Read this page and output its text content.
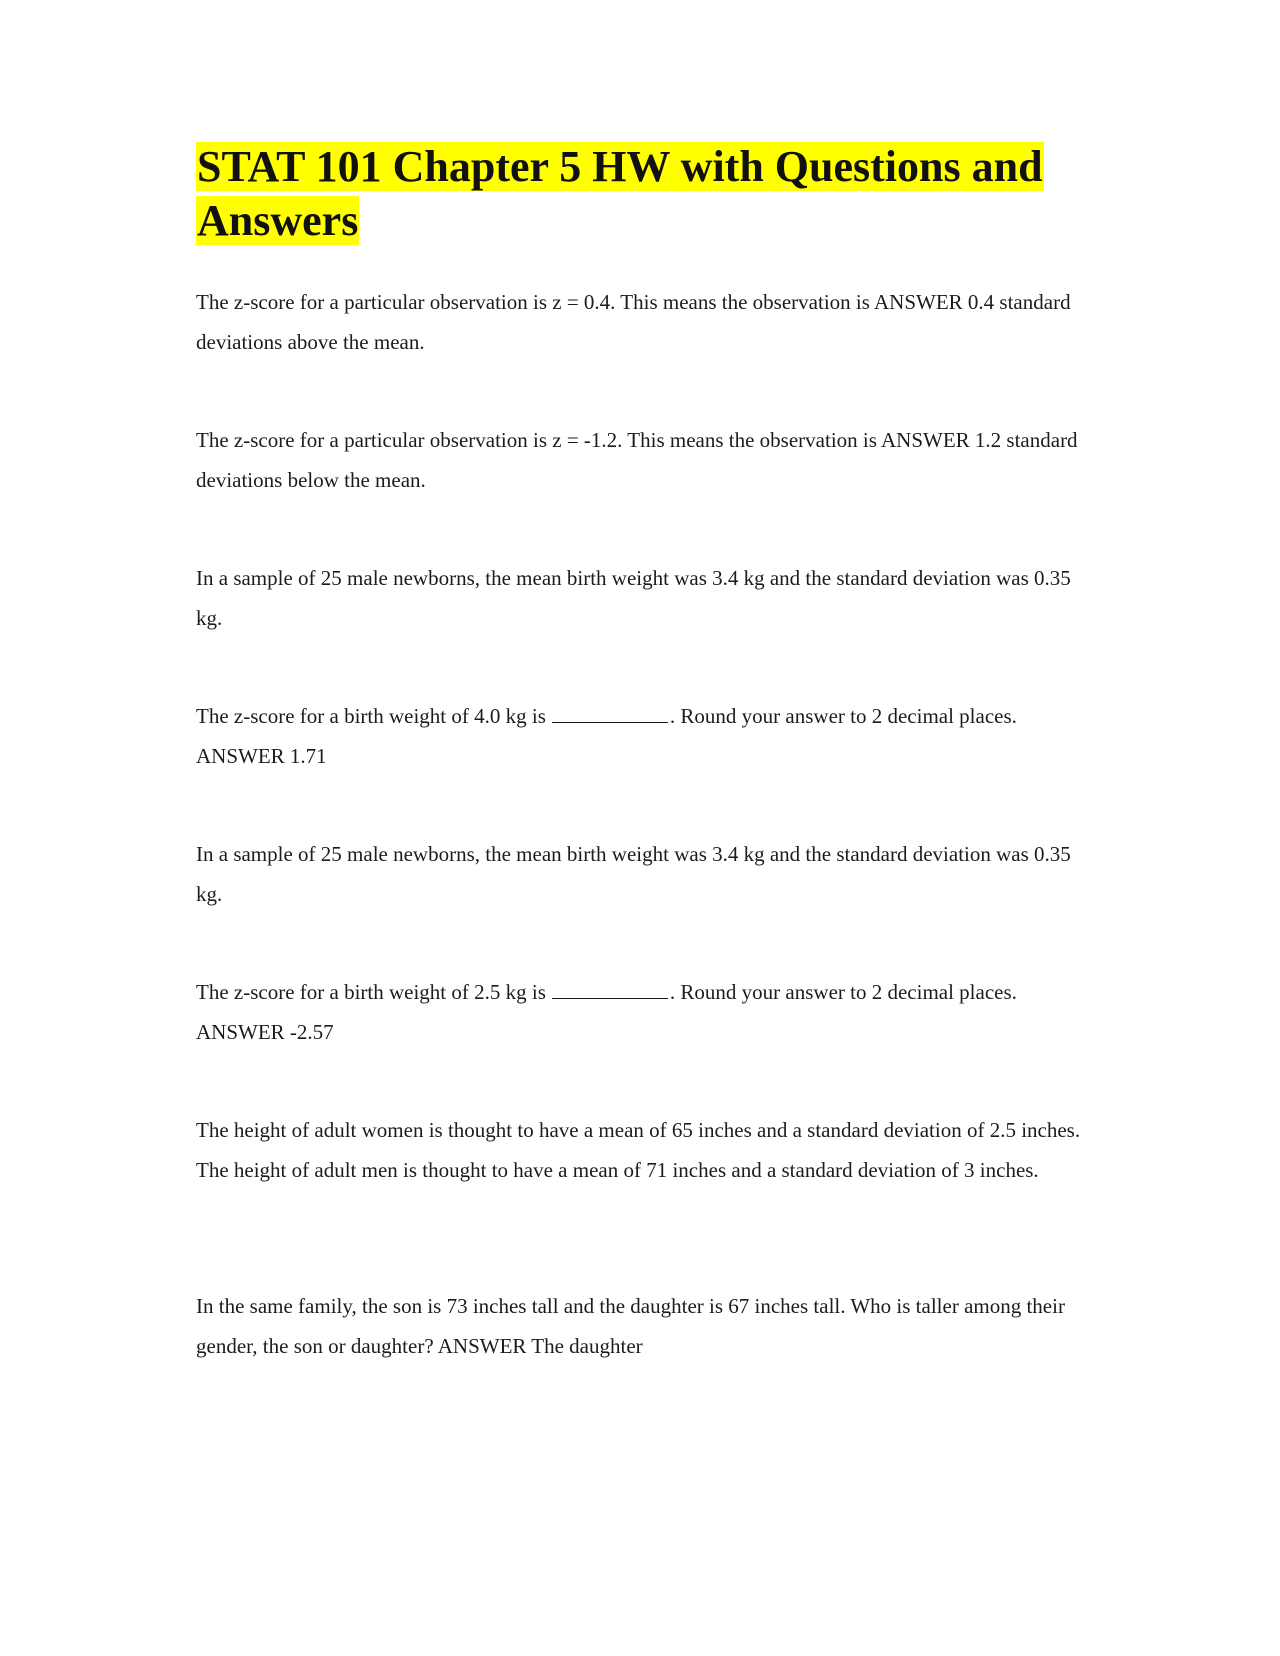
STAT 101 Chapter 5 HW with Questions and Answers

The z-score for a particular observation is z = 0.4. This means the observation is ANSWER 0.4 standard deviations above the mean.

The z-score for a particular observation is z = -1.2. This means the observation is ANSWER 1.2 standard deviations below the mean.

In a sample of 25 male newborns, the mean birth weight was 3.4 kg and the standard deviation was 0.35 kg.

The z-score for a birth weight of 4.0 kg is	. Round your answer to 2 decimal places. ANSWER 1.71

In a sample of 25 male newborns, the mean birth weight was 3.4 kg and the standard deviation was 0.35 kg.

The z-score for a birth weight of 2.5 kg is	. Round your answer to 2 decimal places. ANSWER -2.57

The height of adult women is thought to have a mean of 65 inches and a standard deviation of 2.5 inches. The height of adult men is thought to have a mean of 71 inches and a standard deviation of 3 inches.

In the same family, the son is 73 inches tall and the daughter is 67 inches tall. Who is taller among their gender, the son or daughter? ANSWER The daughter
